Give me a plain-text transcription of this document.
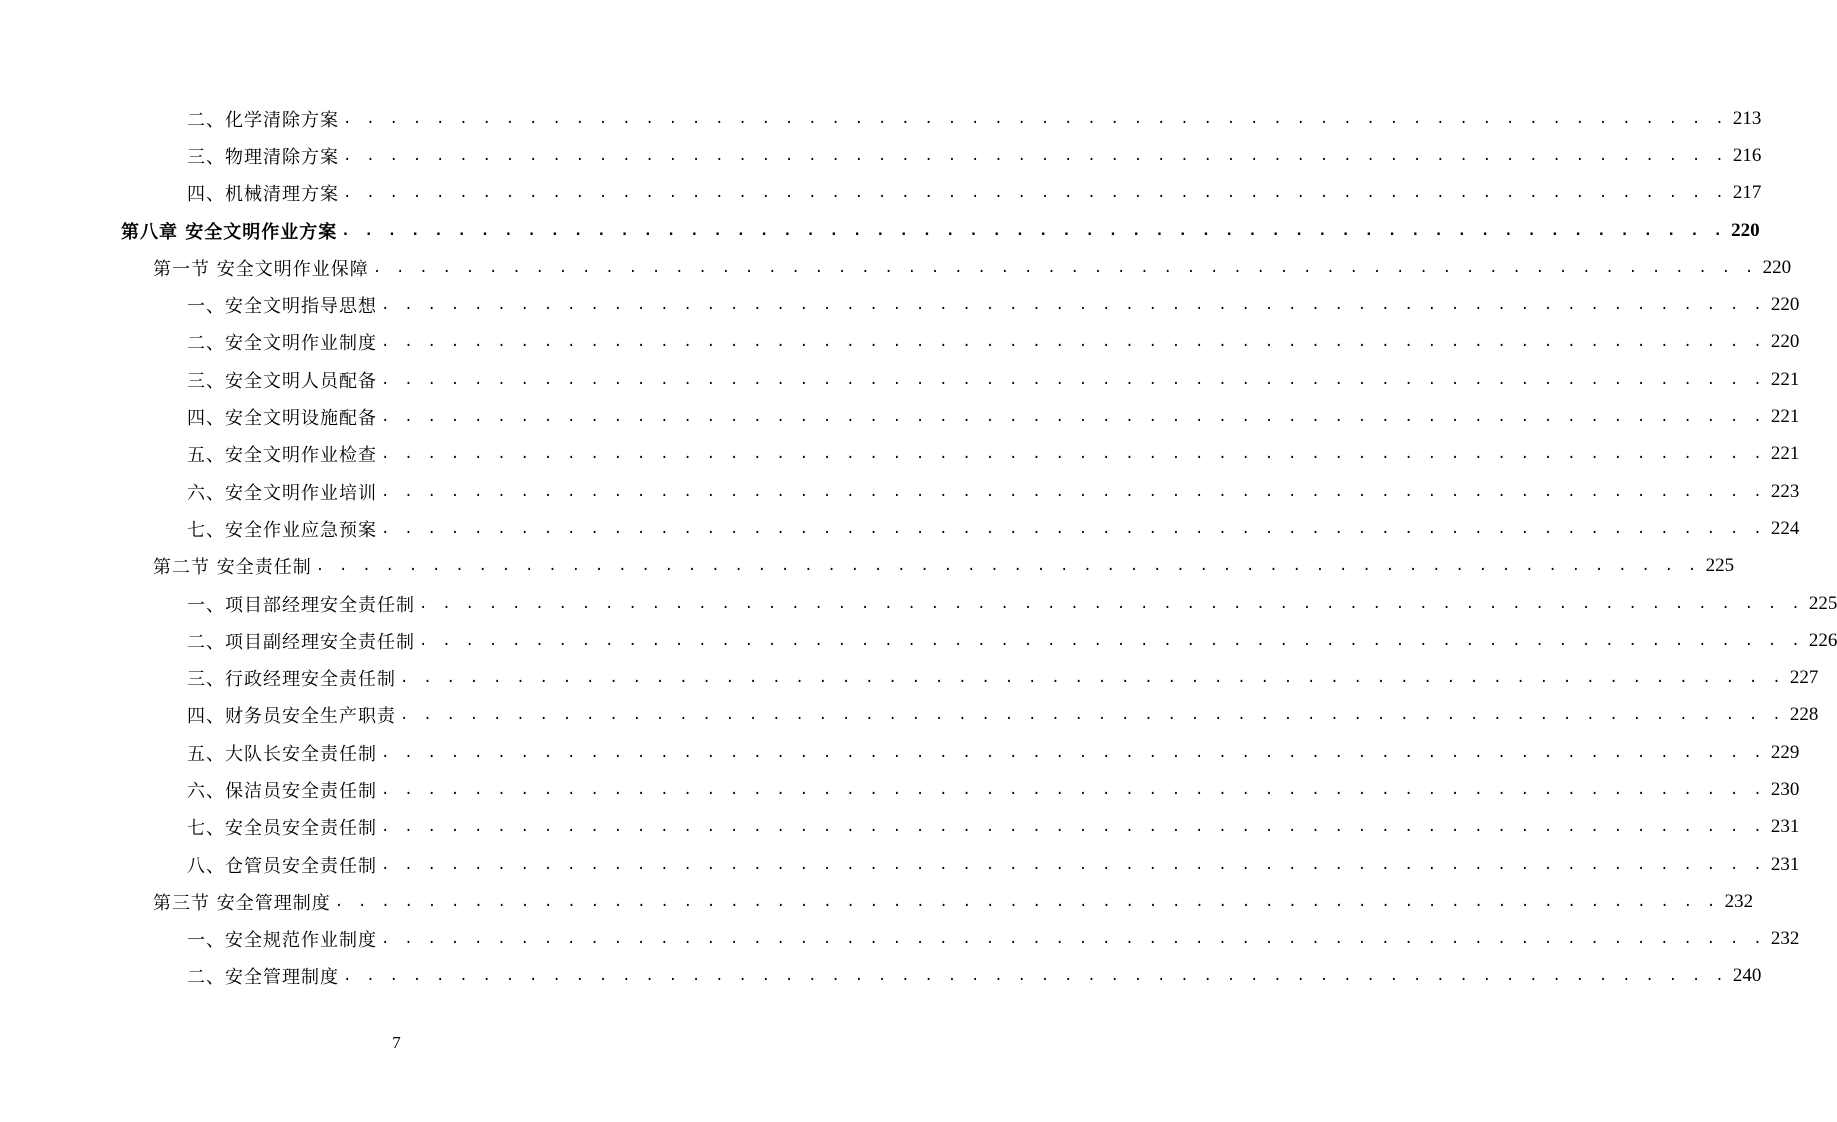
二、化学清除方案 . . . . . . . . . . . . . . . . . . . . . . . . . . . . . . . . . . . . . . . . . . . . . . . . . . . . . . . . . . . . 213
三、物理清除方案 . . . . . . . . . . . . . . . . . . . . . . . . . . . . . . . . . . . . . . . . . . . . . . . . . . . . . . . . . . . . 216
四、机械清理方案 . . . . . . . . . . . . . . . . . . . . . . . . . . . . . . . . . . . . . . . . . . . . . . . . . . . . . . . . . . . . 217
第八章 安全文明作业方案 . . . . . . . . . . . . . . . . . . . . . . . . . . . . . . . . . . . . . . . . . . . . . . . . . . . . . . . . . . . . 220
第一节 安全文明作业保障 . . . . . . . . . . . . . . . . . . . . . . . . . . . . . . . . . . . . . . . . . . . . . . . . . . . . . . . . . . . . 220
一、安全文明指导思想 . . . . . . . . . . . . . . . . . . . . . . . . . . . . . . . . . . . . . . . . . . . . . . . . . . . . . . . . . . . . 220
二、安全文明作业制度 . . . . . . . . . . . . . . . . . . . . . . . . . . . . . . . . . . . . . . . . . . . . . . . . . . . . . . . . . . . . 220
三、安全文明人员配备 . . . . . . . . . . . . . . . . . . . . . . . . . . . . . . . . . . . . . . . . . . . . . . . . . . . . . . . . . . . . 221
四、安全文明设施配备 . . . . . . . . . . . . . . . . . . . . . . . . . . . . . . . . . . . . . . . . . . . . . . . . . . . . . . . . . . . . 221
五、安全文明作业检查 . . . . . . . . . . . . . . . . . . . . . . . . . . . . . . . . . . . . . . . . . . . . . . . . . . . . . . . . . . . . 221
六、安全文明作业培训 . . . . . . . . . . . . . . . . . . . . . . . . . . . . . . . . . . . . . . . . . . . . . . . . . . . . . . . . . . . . 223
七、安全作业应急预案 . . . . . . . . . . . . . . . . . . . . . . . . . . . . . . . . . . . . . . . . . . . . . . . . . . . . . . . . . . . . 224
第二节 安全责任制 . . . . . . . . . . . . . . . . . . . . . . . . . . . . . . . . . . . . . . . . . . . . . . . . . . . . . . . . . . . . 225
一、项目部经理安全责任制 . . . . . . . . . . . . . . . . . . . . . . . . . . . . . . . . . . . . . . . . . . . . . . . . . . . . . . . . . . . . 225
二、项目副经理安全责任制 . . . . . . . . . . . . . . . . . . . . . . . . . . . . . . . . . . . . . . . . . . . . . . . . . . . . . . . . . . . . 226
三、行政经理安全责任制 . . . . . . . . . . . . . . . . . . . . . . . . . . . . . . . . . . . . . . . . . . . . . . . . . . . . . . . . . . . . 227
四、财务员安全生产职责 . . . . . . . . . . . . . . . . . . . . . . . . . . . . . . . . . . . . . . . . . . . . . . . . . . . . . . . . . . . . 228
五、大队长安全责任制 . . . . . . . . . . . . . . . . . . . . . . . . . . . . . . . . . . . . . . . . . . . . . . . . . . . . . . . . . . . . 229
六、保洁员安全责任制 . . . . . . . . . . . . . . . . . . . . . . . . . . . . . . . . . . . . . . . . . . . . . . . . . . . . . . . . . . . . 230
七、安全员安全责任制 . . . . . . . . . . . . . . . . . . . . . . . . . . . . . . . . . . . . . . . . . . . . . . . . . . . . . . . . . . . . 231
八、仓管员安全责任制 . . . . . . . . . . . . . . . . . . . . . . . . . . . . . . . . . . . . . . . . . . . . . . . . . . . . . . . . . . . . 231
第三节 安全管理制度 . . . . . . . . . . . . . . . . . . . . . . . . . . . . . . . . . . . . . . . . . . . . . . . . . . . . . . . . . . . . 232
一、安全规范作业制度 . . . . . . . . . . . . . . . . . . . . . . . . . . . . . . . . . . . . . . . . . . . . . . . . . . . . . . . . . . . . 232
二、安全管理制度 . . . . . . . . . . . . . . . . . . . . . . . . . . . . . . . . . . . . . . . . . . . . . . . . . . . . . . . . . . . . 240
7
